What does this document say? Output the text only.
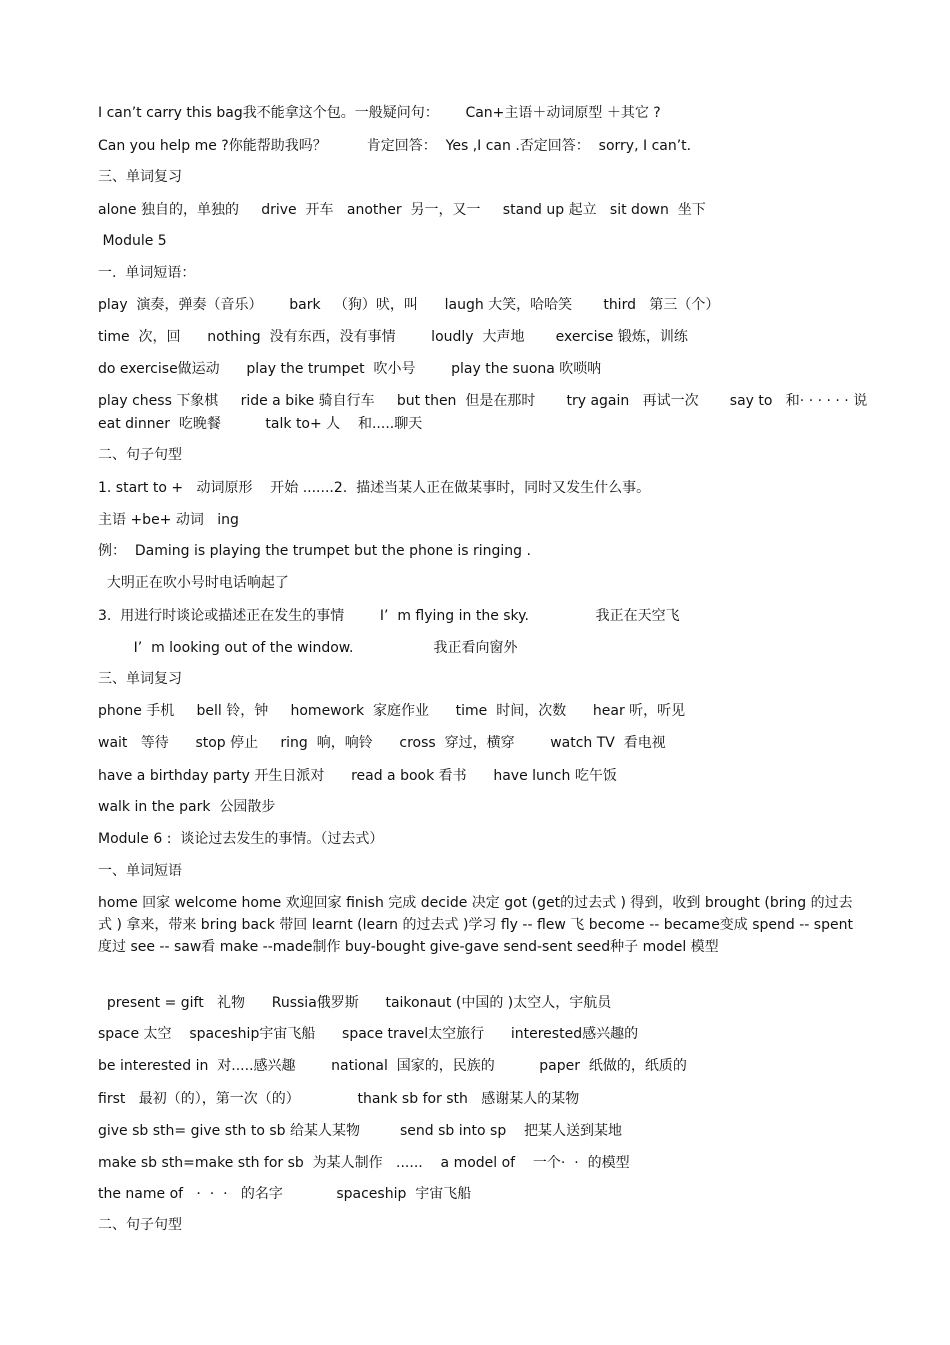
I can’t carry this bag我不能拿这个包。一般疑问句：      Can+主语＋动词原型 ＋其它 ?
Can you help me ?你能帮助我吗？         肯定回答：  Yes ,I can .否定回答：  sorry, I can’t.
三、单词复习
alone 独自的，单独的     drive  开车   another  另一，又一     stand up 起立   sit down  坐下
Module 5
一.  单词短语：
play  演奏，弹奏（音乐）      bark   （狗）吠，叫      laugh 大笑，哈哈笑       third   第三（个）
time  次，回      nothing  没有东西，没有事情        loudly  大声地       exercise 锻炼，训练
do exercise做运动      play the trumpet  吹小号        play the suona 吹唢呐
play chess 下象棋     ride a bike 骑自行车     but then  但是在那时       try again   再试一次       say to   和· · · · · · 说
eat dinner  吃晚餐          talk to+ 人    和.....聊天
二、句子句型
1. start to +   动词原形    开始 .......2.  描述当某人正在做某事时，同时又发生什么事。
主语 +be+ 动词   ing
例：  Daming is playing the trumpet but the phone is ringing .
大明正在吹小号时电话响起了
3.  用进行时谈论或描述正在发生的事情        I’  m flying in the sky.               我正在天空飞
I’  m looking out of the window.                  我正看向窗外
三、单词复习
phone 手机     bell 铃，钟     homework  家庭作业      time  时间，次数      hear 听，听见
wait   等待      stop 停止     ring  响，响铃      cross  穿过，横穿        watch TV  看电视
have a birthday party 开生日派对      read a book 看书      have lunch 吃午饭
walk in the park  公园散步
Module 6 :  谈论过去发生的事情。（过去式）
一、单词短语
home 回家 welcome home 欢迎回家 finish 完成 decide 决定 got (get的过去式 ) 得到，收到 brought (bring 的过去式 ) 拿来，带来 bring back 带回 learnt (learn 的过去式 )学习 fly -- flew 飞 become -- became变成 spend -- spent度过 see -- saw看 make --made制作 buy-bought give-gave send-sent seed种子 model 模型
present = gift   礼物      Russia俄罗斯      taikonaut (中国的 )太空人，宇航员
space 太空    spaceship宇宙飞船      space travel太空旅行      interested感兴趣的
be interested in  对.....感兴趣        national  国家的，民族的          paper  纸做的，纸质的
first   最初（的），第一次（的）             thank sb for sth   感谢某人的某物
give sb sth= give sth to sb 给某人某物         send sb into sp    把某人送到某地
make sb sth=make sth for sb  为某人制作   ......    a model of    一个·  ·  的模型
the name of   ·  ·  ·   的名字            spaceship  宇宙飞船
二、句子句型
